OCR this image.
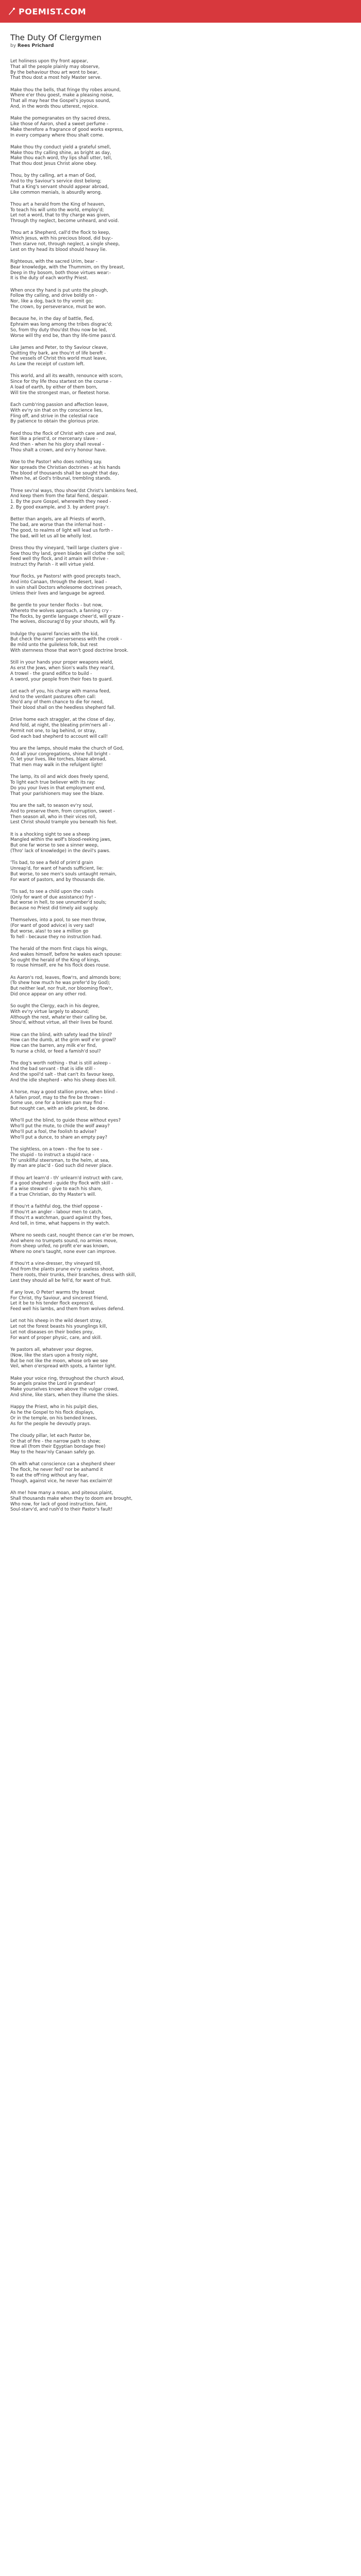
POEMIST.COM
The Duty Of Clergymen
by Rees Prichard
Let holiness upon thy front appear,
That all the people plainly may observe,
By the behaviour thou art wont to bear,
That thou dost a most holy Master serve.
Make thou the bells, that fringe thy robes around,
Where e'er thou goest, make a pleasing noise,
That all may hear the Gospel's joyous sound,
And, in the words thou utterest, rejoice.
Make the pomegranates on thy sacred dress,
Like those of Aaron, shed a sweet perfume -
Make therefore a fragrance of good works express,
In every company where thou shalt come.
Make thou thy conduct yield a grateful smell,
Make thou thy calling shine, as bright as day,
Make thou each word, thy lips shall utter, tell,
That thou dost Jesus Christ alone obey.
Thou, by thy calling, art a man of God,
And to thy Saviour's service dost belong;
That a King's servant should appear abroad,
Like common menials, is absurdly wrong.
Thou art a herald from the King of heaven,
To teach his will unto the world, employ'd;
Let not a word, that to thy charge was given,
Through thy neglect, become unheard, and void.
Thou art a Shepherd, call'd the flock to keep,
Which Jesus, with his precious blood, did buy:-
Then starve not, through neglect, a single sheep,
Lest on thy head its blood should heavy lie.
Righteous, with the sacred Urim, bear -
Bear knowledge, with the Thummim, on thy breast,
Deep in thy bosom, both those virtues wear:-
It is the duty of each worthy Priest.
When once thy hand is put unto the plough,
Follow thy calling, and drive boldly on -
Nor, like a dog, back to thy vomit go;
The crown, by perseverance, must be won.
Because he, in the day of battle, fled,
Ephraim was long among the tribes disgrac'd;
So, from thy duty thou'dst thou now be led,
Worse will thy end be, than thy life-time pass'd.
Like James and Peter, to thy Saviour cleave,
Quitting thy bark, are thou'rt of life bereft -
The vessels of Christ this world must leave,
As Lew the receipt of custom left.
This world, and all its wealth, renounce with scorn,
Since for thy life thou startest on the course -
A load of earth, by either of them born,
Will tire the strongest man, or fleetest horse.
Each cumb'ring passion and affection leave,
With ev'ry sin that on thy conscience lies,
Fling off, and strive in the celestial race
By patience to obtain the glorious prize.
Feed thou the flock of Christ with care and zeal,
Not like a priest'd, or mercenary slave -
And then - when he his glory shall reveal -
Thou shalt a crown, and ev'ry honour have.
Woe to the Pastor! who does nothing say.
Nor spreads the Christian doctrines - at his hands
The blood of thousands shall be sought that day,
When he, at God's tribunal, trembling stands.
Three sev'ral ways, thou show'dst Christ's lambkins feed,
And keep them from the fatal fiend, despair.
1. By the pure Gospel, wherewith they need -
2. By good example, and 3. by ardent pray'r.
Better than angels, are all Priests of worth,
The bad, are worse than the infernal host -
The good, to realms of light will lead us forth -
The bad, will let us all be wholly lost.
Dress thou thy vineyard, 'twill large clusters give -
Sow thou thy land, green blades will clothe the soil;
Feed well thy flock, and it amain will thrive -
Instruct thy Parish - it will virtue yield.
Your flocks, ye Pastors! with good precepts teach,
And into Canaan, through the desert, lead -
In vain shall Doctors wholesome doctrines preach,
Unless their lives and language be agreed.
Be gentle to your tender flocks - but now,
Whereto the wolves approach, a fanning cry -
The flocks, by gentle language cheer'd, will graze -
The wolves, discourag'd by your shouts, will fly.
Indulge thy quarrel fancies with the kid,
But check the rams' perverseness with the crook -
Be mild unto the guileless folk, but rest
With sternness those that won't good doctrine brook.
Still in your hands your proper weapons wield,
As erst the Jews, when Sion's walls they rear'd,
A trowel - the grand edifice to build -
A sword, your people from their foes to guard.
Let each of you, his charge with manna feed,
And to the verdant pastures often call:
Sho'd any of them chance to die for need,
Their blood shall on the heedless shepherd fall.
Drive home each straggler, at the close of day,
And fold, at night, the bleating prim'ners all -
Permit not one, to lag behind, or stray,
God each bad shepherd to account will call!
You are the lamps, should make the church of God,
And all your congregations, shine full bright -
O, let your lives, like torches, blaze abroad,
That men may walk in the refulgent light!
The lamp, its oil and wick does freely spend,
To light each true believer with its ray:
Do you your lives in that employment end,
That your parishioners may see the blaze.
You are the salt, to season ev'ry soul,
And to preserve them, from corruption, sweet -
Then season all, who in their vices roll,
Lest Christ should trample you beneath his feet.
It is a shocking sight to see a sheep
Mangled within the wolf's blood-reeking jaws,
But one far worse to see a sinner weep,
(Thro' lack of knowledge) in the devil's paws.
'Tis bad, to see a field of prim'd grain
Unreap'd, for want of hands sufficient, lie:
But worse, to see men's souls untaught remain,
For want of pastors, and by thousands die.
'Tis sad, to see a child upon the coals
(Only for want of due assistance) fry! -
But worse in hell, to see unnumber'd souls;
Because no Priest did timely aid supply.
Themselves, into a pool, to see men throw,
(For want of good advice) is very sad!
But worse, alas! to see a million go
To hell - because they no instruction had.
The herald of the morn first claps his wings,
And wakes himself, before he wakes each spouse:
So ought the herald of the King of kings,
To rouse himself, ere he his flock does rouse.
As Aaron's rod, leaves, flow'rs, and almonds bore;
(To shew how much he was prefer'd by God);
But neither leaf, nor fruit, nor blooming flow'r,
Did once appear on any other rod.
So ought the Clergy, each in his degree,
With ev'ry virtue largely to abound;
Although the rest, whate'er their calling be,
Shou'd, without virtue, all their lives be found.
How can the blind, with safety lead the blind?
How can the dumb, at the grim wolf e'er growl?
How can the barren, any milk e'er find,
To nurse a child, or feed a famish'd soul?
The dog's worth nothing - that is still asleep -
And the bad servant - that is idle still -
And the spoil'd salt - that can't its favour keep,
And the idle shepherd - who his sheep does kill.
A horse, may a good stallion prove, when blind -
A fallen proof, may to the fire be thrown -
Some use, one for a broken pan may find -
But nought can, with an idle priest, be done.
Who'll put the blind, to guide those without eyes?
Who'll put the mute, to chide the wolf away?
Who'll put a fool, the foolish to advise?
Who'll put a dunce, to share an empty pay?
The sightless, on a town - the foe to see -
The stupid - to instruct a stupid race -
Th' unskillful steersman, to the helm, at sea,
By man are plac'd - God such did never place.
If thou art learn'd - th' unlearn'd instruct with care,
If a good shepherd - guide thy flock with skill -
If a wise steward - give to each his share,
If a true Christian, do thy Master's will.
If thou'rt a faithful dog, the thief oppose -
If thou'rt an angler - labour men to catch,
If thou'rt a watchman, guard against thy foes,
And tell, in time, what happens in thy watch.
Where no seeds cast, nought thence can e'er be mown,
And where no trumpets sound, no armies move,
From sheep unfed, no profit e'er was known,
Where no one's taught, none ever can improve.
If thou'rt a vine-dresser, thy vineyard till,
And from the plants prune ev'ry useless shoot,
There roots, their trunks, their branches, dress with skill,
Lest they should all be fell'd, for want of fruit.
If any love, O Peter! warms thy breast
For Christ, thy Saviour, and sincerest friend,
Let it be to his tender flock express'd,
Feed well his lambs, and them from wolves defend.
Let not his sheep in the wild desert stray,
Let not the forest beasts his younglings kill,
Let not diseases on their bodies prey,
For want of proper physic, care, and skill.
Ye pastors all, whatever your degree,
(Now, like the stars upon a frosty night,
But be not like the moon, whose orb we see
Veil, when o'erspread with spots, a fainter light.
Make your voice ring, throughout the church aloud,
So angels praise the Lord in grandeur!
Make yourselves known above the vulgar crowd,
And shine, like stars, when they illume the skies.
Happy the Priest, who in his pulpit dies,
As he the Gospel to his flock displays,
Or in the temple, on his bended knees,
As for the people he devoutly prays.
The cloudy pillar, let each Pastor be,
Or that of fire - the narrow path to show;
How all (from their Egyptian bondage free)
May to the heav'nly Canaan safely go.
Oh with what conscience can a shepherd sheer
The flock, he never fed? nor be ashamd it
To eat the off'ring without any fear,
Though, against vice, he never has exclaim'd!
Ah me! how many a moan, and piteous plaint,
Shall thousands make when they to doom are brought,
Who now, for lack of good instruction, faint,
Soul-starv'd, and rush'd to their Pastor's fault!
